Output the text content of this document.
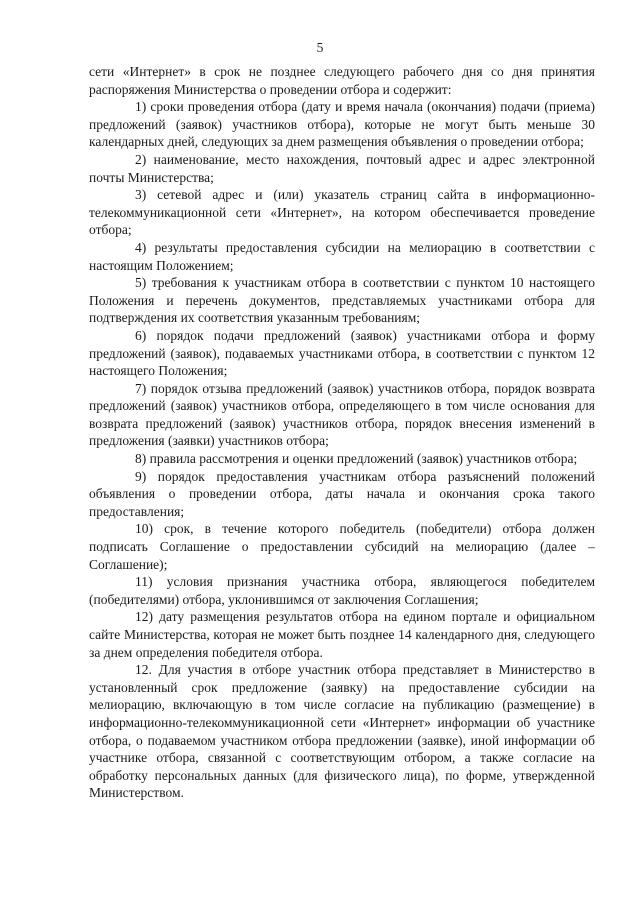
5

сети «Интернет» в срок не позднее следующего рабочего дня со дня принятия распоряжения Министерства о проведении отбора и содержит:

1) сроки проведения отбора (дату и время начала (окончания) подачи (приема) предложений (заявок) участников отбора), которые не могут быть меньше 30 календарных дней, следующих за днем размещения объявления о проведении отбора;

2) наименование, место нахождения, почтовый адрес и адрес электронной почты Министерства;

3) сетевой адрес и (или) указатель страниц сайта в информационно-телекоммуникационной сети «Интернет», на котором обеспечивается проведение отбора;

4) результаты предоставления субсидии на мелиорацию в соответствии с настоящим Положением;

5) требования к участникам отбора в соответствии с пунктом 10 настоящего Положения и перечень документов, представляемых участниками отбора для подтверждения их соответствия указанным требованиям;

6) порядок подачи предложений (заявок) участниками отбора и форму предложений (заявок), подаваемых участниками отбора, в соответствии с пунктом 12 настоящего Положения;

7) порядок отзыва предложений (заявок) участников отбора, порядок возврата предложений (заявок) участников отбора, определяющего в том числе основания для возврата предложений (заявок) участников отбора, порядок внесения изменений в предложения (заявки) участников отбора;

8) правила рассмотрения и оценки предложений (заявок) участников отбора;

9) порядок предоставления участникам отбора разъяснений положений объявления о проведении отбора, даты начала и окончания срока такого предоставления;

10) срок, в течение которого победитель (победители) отбора должен подписать Соглашение о предоставлении субсидий на мелиорацию (далее – Соглашение);

11) условия признания участника отбора, являющегося победителем (победителями) отбора, уклонившимся от заключения Соглашения;

12) дату размещения результатов отбора на едином портале и официальном сайте Министерства, которая не может быть позднее 14 календарного дня, следующего за днем определения победителя отбора.

12. Для участия в отборе участник отбора представляет в Министерство в установленный срок предложение (заявку) на предоставление субсидии на мелиорацию, включающую в том числе согласие на публикацию (размещение) в информационно-телекоммуникационной сети «Интернет» информации об участнике отбора, о подаваемом участником отбора предложении (заявке), иной информации об участнике отбора, связанной с соответствующим отбором, а также согласие на обработку персональных данных (для физического лица), по форме, утвержденной Министерством.
